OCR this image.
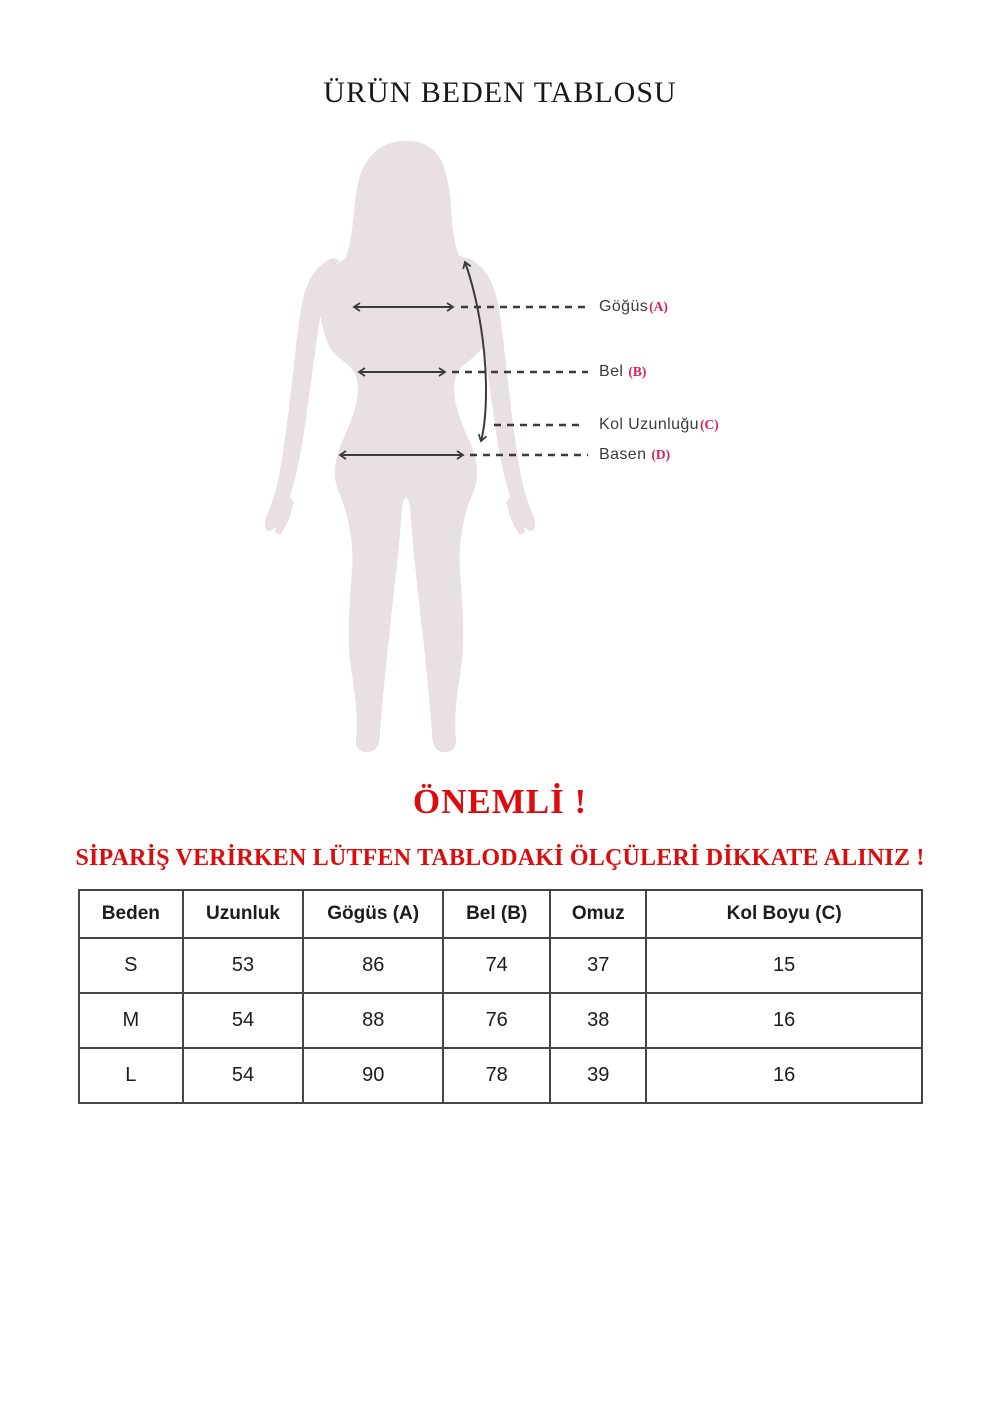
ÜRÜN BEDEN TABLOSU
Göğüs(A)
Bel (B)
Kol Uzunluğu(C)
Basen (D)
ÖNEMLİ !
SİPARİŞ VERİRKEN LÜTFEN TABLODAKİ ÖLÇÜLERİ DİKKATE ALINIZ !
Beden	Uzunluk	Gögüs (A)	Bel (B)	Omuz	Kol Boyu (C)
S	53	86	74	37	15
M	54	88	76	38	16
L	54	90	78	39	16
